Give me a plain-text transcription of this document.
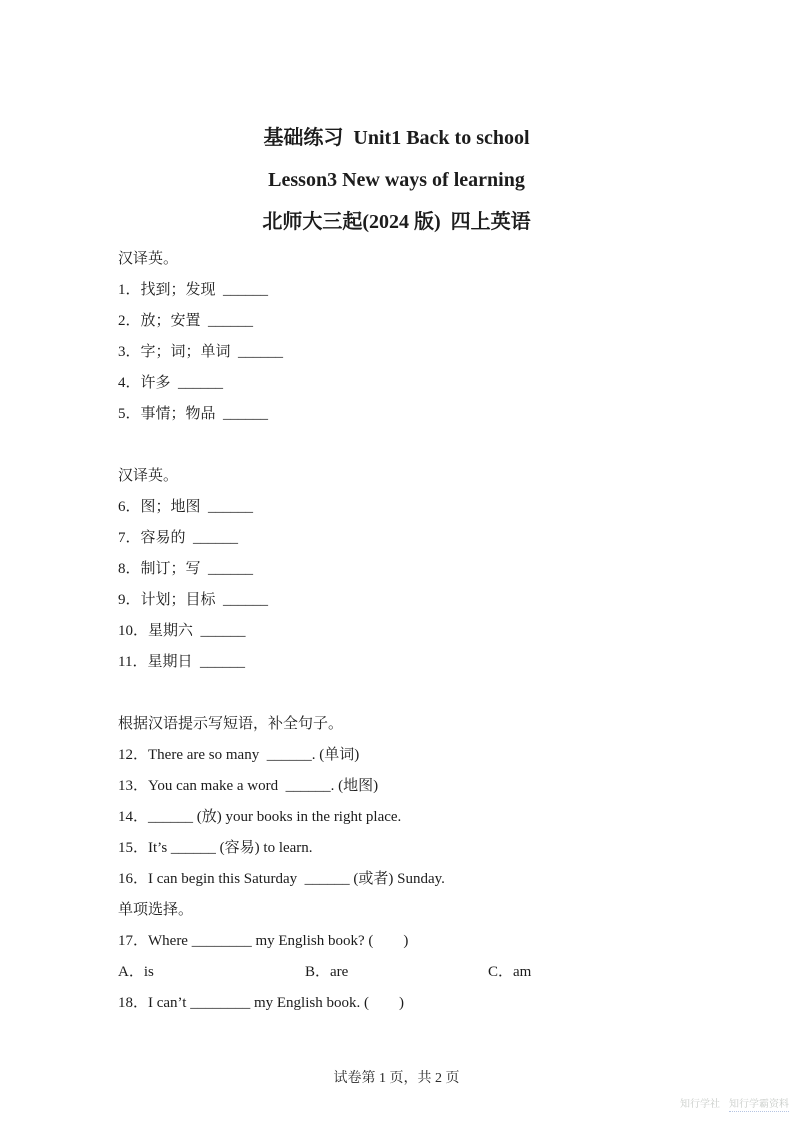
基础练习  Unit1 Back to school
Lesson3 New ways of learning
北师大三起(2024 版)  四上英语

汉译英。

1．找到；发现  ______

2．放；安置  ______

3．字；词；单词  ______

4．许多  ______

5．事情；物品  ______

汉译英。

6．图；地图  ______

7．容易的  ______

8．制订；写  ______

9．计划；目标  ______

10．星期六  ______

11．星期日  ______

根据汉语提示写短语，补全句子。

12．There are so many  ______. (单词)

13．You can make a word  ______. (地图)

14．______ (放) your books in the right place.

15．It’s ______ (容易) to learn.

16．I can begin this Saturday  ______ (或者) Sunday.

单项选择。

17．Where ________ my English book? (　　)

A．is	B．are	C．am

18．I can’t ________ my English book. (　　)

试卷第 1 页，共 2 页
知行学社 知行学霸资料
